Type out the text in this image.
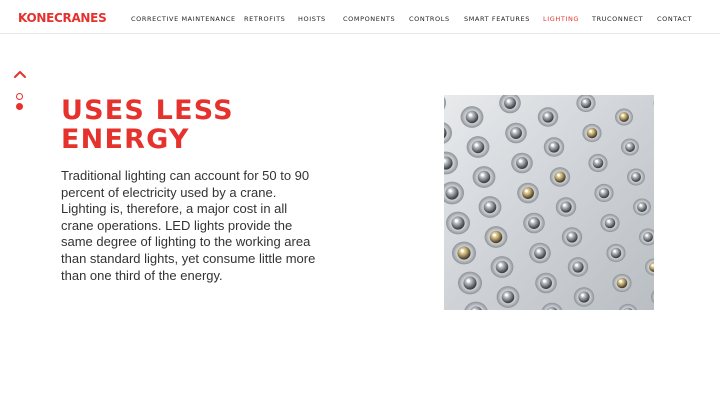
KONECRANES	CORRECTIVE MAINTENANCE RETROFITS HOISTS	COMPONENTS CONTROLS SMART FEATURES LIGHTING TRUCONNECT CONTACT
USES LESS
ENERGY

Traditional lighting can account for 50 to 90 percent of electricity used by a crane. Lighting is, therefore, a major cost in all crane operations. LED lights provide the same degree of lighting to the working area than standard lights, yet consume little more than one third of the energy.
